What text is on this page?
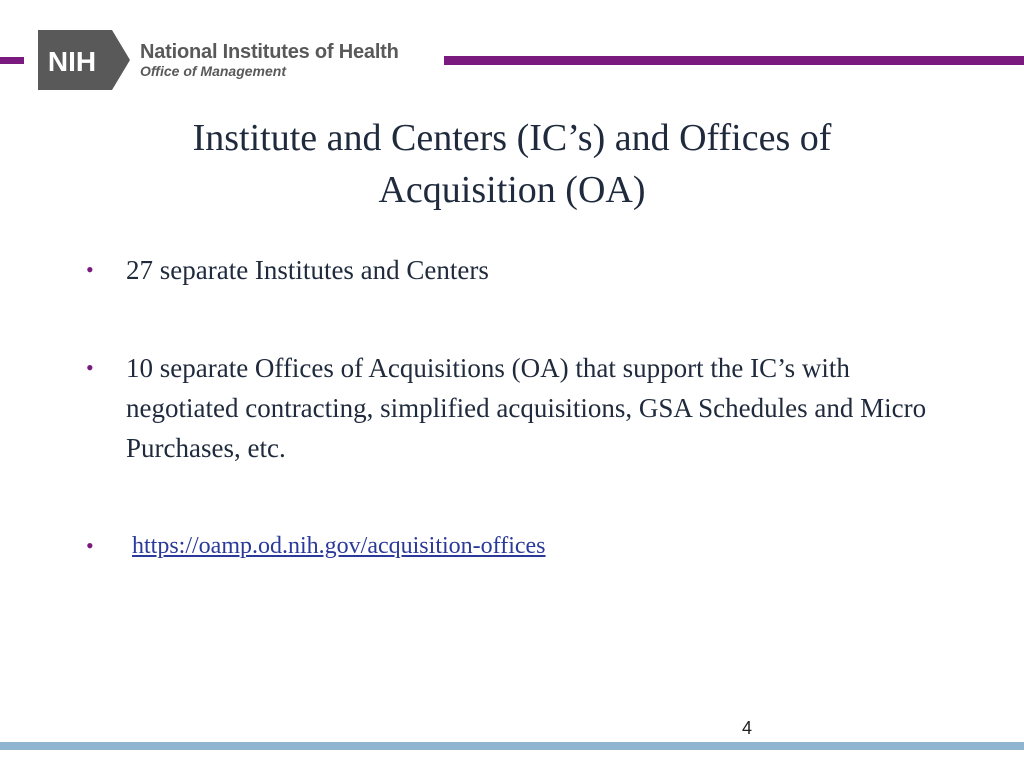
NIH National Institutes of Health
Office of Management
Institute and Centers (IC’s) and Offices of Acquisition (OA)
• 27 separate Institutes and Centers
• 10 separate Offices of Acquisitions (OA) that support the IC’s with negotiated contracting, simplified acquisitions, GSA Schedules and Micro Purchases, etc.
• https://oamp.od.nih.gov/acquisition-offices
4
